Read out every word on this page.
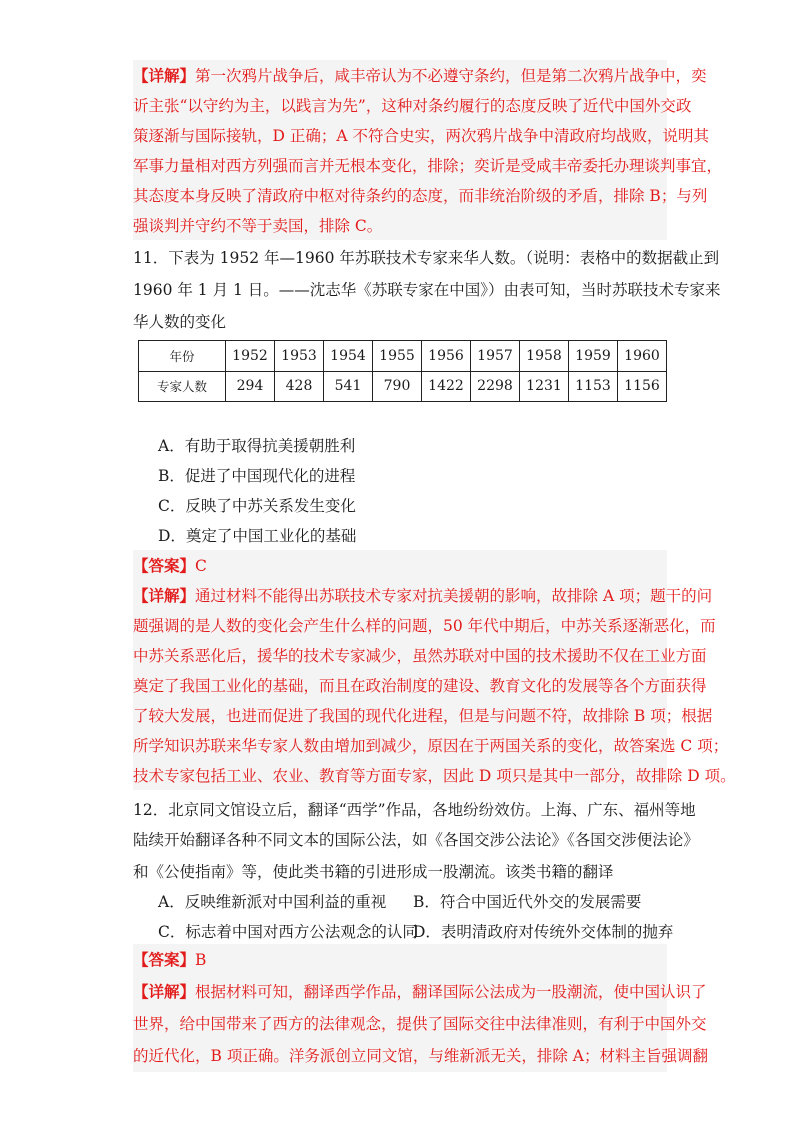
【详解】第一次鸦片战争后，咸丰帝认为不必遵守条约，但是第二次鸦片战争中，奕
䜣主张“以守约为主，以践言为先”，这种对条约履行的态度反映了近代中国外交政
策逐渐与国际接轨，D 正确；A 不符合史实，两次鸦片战争中清政府均战败，说明其
军事力量相对西方列强而言并无根本变化，排除；奕䜣是受咸丰帝委托办理谈判事宜，
其态度本身反映了清政府中枢对待条约的态度，而非统治阶级的矛盾，排除 B；与列
强谈判并守约不等于卖国，排除 C。
11．下表为 1952 年—1960 年苏联技术专家来华人数。（说明：表格中的数据截止到
1960 年 1 月 1 日。——沈志华《苏联专家在中国》）由表可知，当时苏联技术专家来
华人数的变化
年份	1952	1953	1954	1955	1956	1957	1958	1959	1960
专家人数	294	428	541	790	1422	2298	1231	1153	1156
A．有助于取得抗美援朝胜利
B．促进了中国现代化的进程
C．反映了中苏关系发生变化
D．奠定了中国工业化的基础
【答案】C
【详解】通过材料不能得出苏联技术专家对抗美援朝的影响，故排除 A 项；题干的问
题强调的是人数的变化会产生什么样的问题，50 年代中期后，中苏关系逐渐恶化，而
中苏关系恶化后，援华的技术专家减少，虽然苏联对中国的技术援助不仅在工业方面
奠定了我国工业化的基础，而且在政治制度的建设、教育文化的发展等各个方面获得
了较大发展，也进而促进了我国的现代化进程，但是与问题不符，故排除 B 项；根据
所学知识苏联来华专家人数由增加到减少，原因在于两国关系的变化，故答案选 C 项；
技术专家包括工业、农业、教育等方面专家，因此 D 项只是其中一部分，故排除 D 项。
12．北京同文馆设立后，翻译“西学”作品，各地纷纷效仿。上海、广东、福州等地
陆续开始翻译各种不同文本的国际公法，如《各国交涉公法论》《各国交涉便法论》
和《公使指南》等，使此类书籍的引进形成一股潮流。该类书籍的翻译
A．反映维新派对中国利益的重视 B．符合中国近代外交的发展需要
C．标志着中国对西方公法观念的认同
D．表明清政府对传统外交体制的抛弃
【答案】B
【详解】根据材料可知，翻译西学作品，翻译国际公法成为一股潮流，使中国认识了
世界，给中国带来了西方的法律观念，提供了国际交往中法律准则，有利于中国外交
的近代化，B 项正确。洋务派创立同文馆，与维新派无关，排除 A；材料主旨强调翻
